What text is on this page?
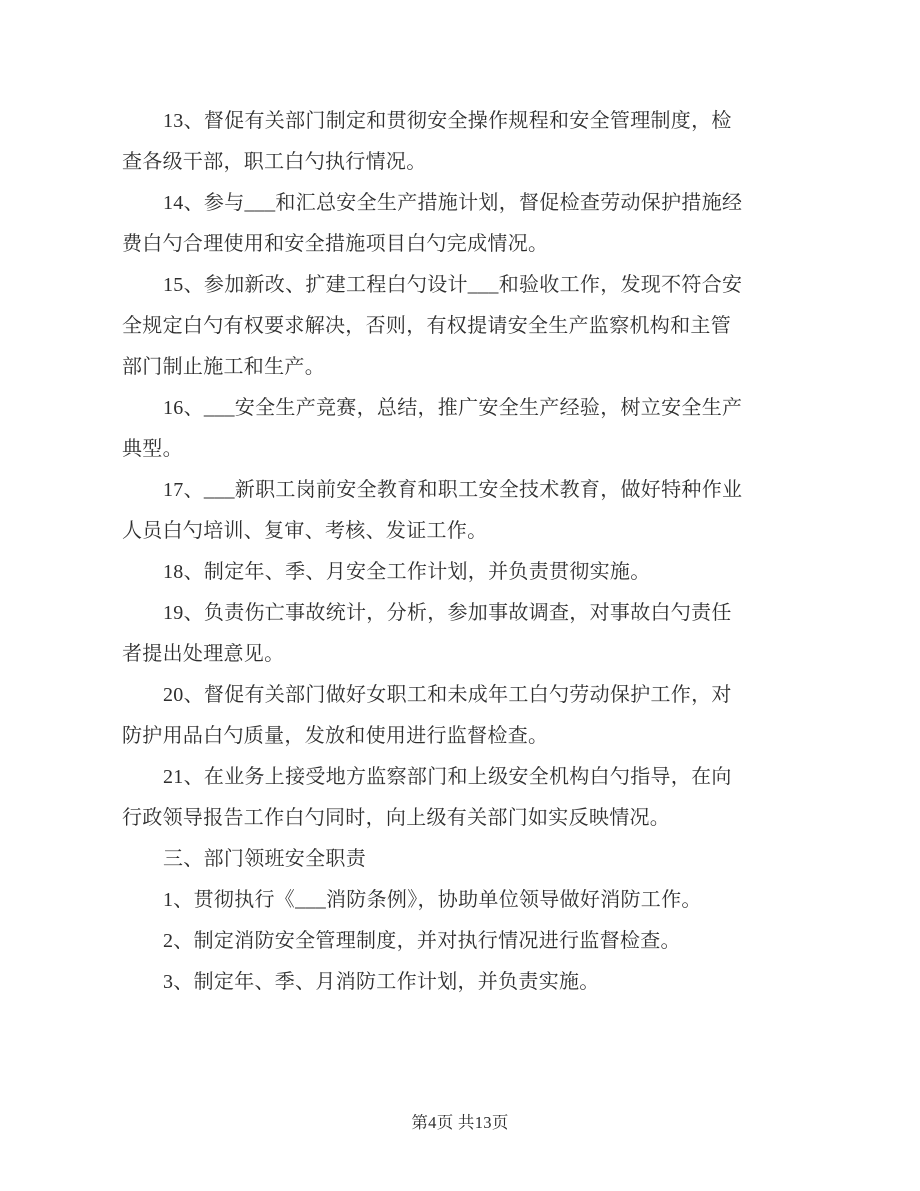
13、督促有关部门制定和贯彻安全操作规程和安全管理制度，检
查各级干部，职工白勺执行情况。
14、参与___和汇总安全生产措施计划，督促检查劳动保护措施经
费白勺合理使用和安全措施项目白勺完成情况。
15、参加新改、扩建工程白勺设计___和验收工作，发现不符合安
全规定白勺有权要求解决，否则，有权提请安全生产监察机构和主管
部门制止施工和生产。
16、___安全生产竞赛，总结，推广安全生产经验，树立安全生产
典型。
17、___新职工岗前安全教育和职工安全技术教育，做好特种作业
人员白勺培训、复审、考核、发证工作。
18、制定年、季、月安全工作计划，并负责贯彻实施。
19、负责伤亡事故统计，分析，参加事故调查，对事故白勺责任
者提出处理意见。
20、督促有关部门做好女职工和未成年工白勺劳动保护工作，对
防护用品白勺质量，发放和使用进行监督检查。
21、在业务上接受地方监察部门和上级安全机构白勺指导，在向
行政领导报告工作白勺同时，向上级有关部门如实反映情况。
三、部门领班安全职责
1、贯彻执行《___消防条例》，协助单位领导做好消防工作。
2、制定消防安全管理制度，并对执行情况进行监督检查。
3、制定年、季、月消防工作计划，并负责实施。
第4页 共13页
